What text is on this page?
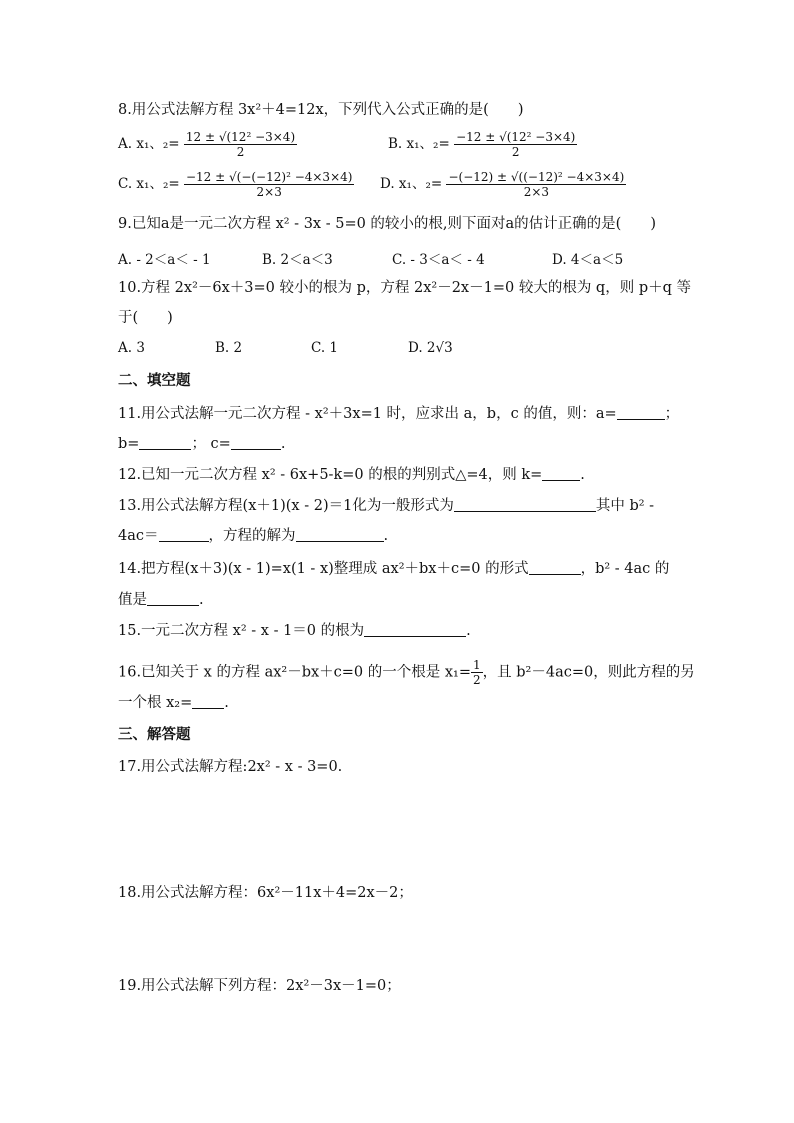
8.用公式法解方程 3x²＋4=12x，下列代入公式正确的是(　　)
A. x₁、$_2= \frac{\text{12 ± √(12² −3×4)}}{2}$	B. x₁、$_2= \frac{\text{−12 ± √(12² −3×4)}}{2}$
C. x₁、$_2= \frac{\text{−12 ± √(−(−12)² −4×3×4)}}{2\times 3} D$. x₁、$_2= \frac{\text{−(−12) ± √((−12)² −4×3×4)}}{2\times 3}$
9.已知a是一元二次方程 x² - 3x - 5=0 的较小的根,则下面对a的估计正确的是(　　)
A. - 2＜a＜ - 1	B. 2＜a＜3	C. - 3＜a＜ - 4	D. 4＜a＜5
10.方程 2x²－6x＋3=0 较小的根为 p，方程 2x²－2x－1=0 较大的根为 q，则 p＋q 等
于(　　)
A. 3	B. 2	C. 1	D. 2√3
二、填空题
11.用公式法解一元二次方程 - x²＋3x=1 时，应求出 a，b，c 的值，则：a=	；
b=	； c=	.
12.已知一元二次方程 x² - 6x+5-k=0 的根的判别式△=4，则 k=	.
13.用公式法解方程(x＋1)(x - 2)＝1化为一般形式为	其中 b² -
4ac＝	，方程的解为	.
14.把方程(x＋3)(x - 1)=x(1 - x)整理成 ax²＋bx＋c=0 的形式	，b² - 4ac 的
值是	.
15.一元二次方程 x² - x - 1＝0 的根为	.
16.已知关于 x 的方程 ax²－bx＋c=0 的一个根是 $x_1= \frac{1}{2}$ ，且 b²－4ac=0，则此方程的另
一个根 x₂= .
三、解答题
17.用公式法解方程:2x² - x - 3=0.
18.用公式法解方程：6x²－11x＋4=2x－2；
19.用公式法解下列方程：2x²－3x－1=0；
